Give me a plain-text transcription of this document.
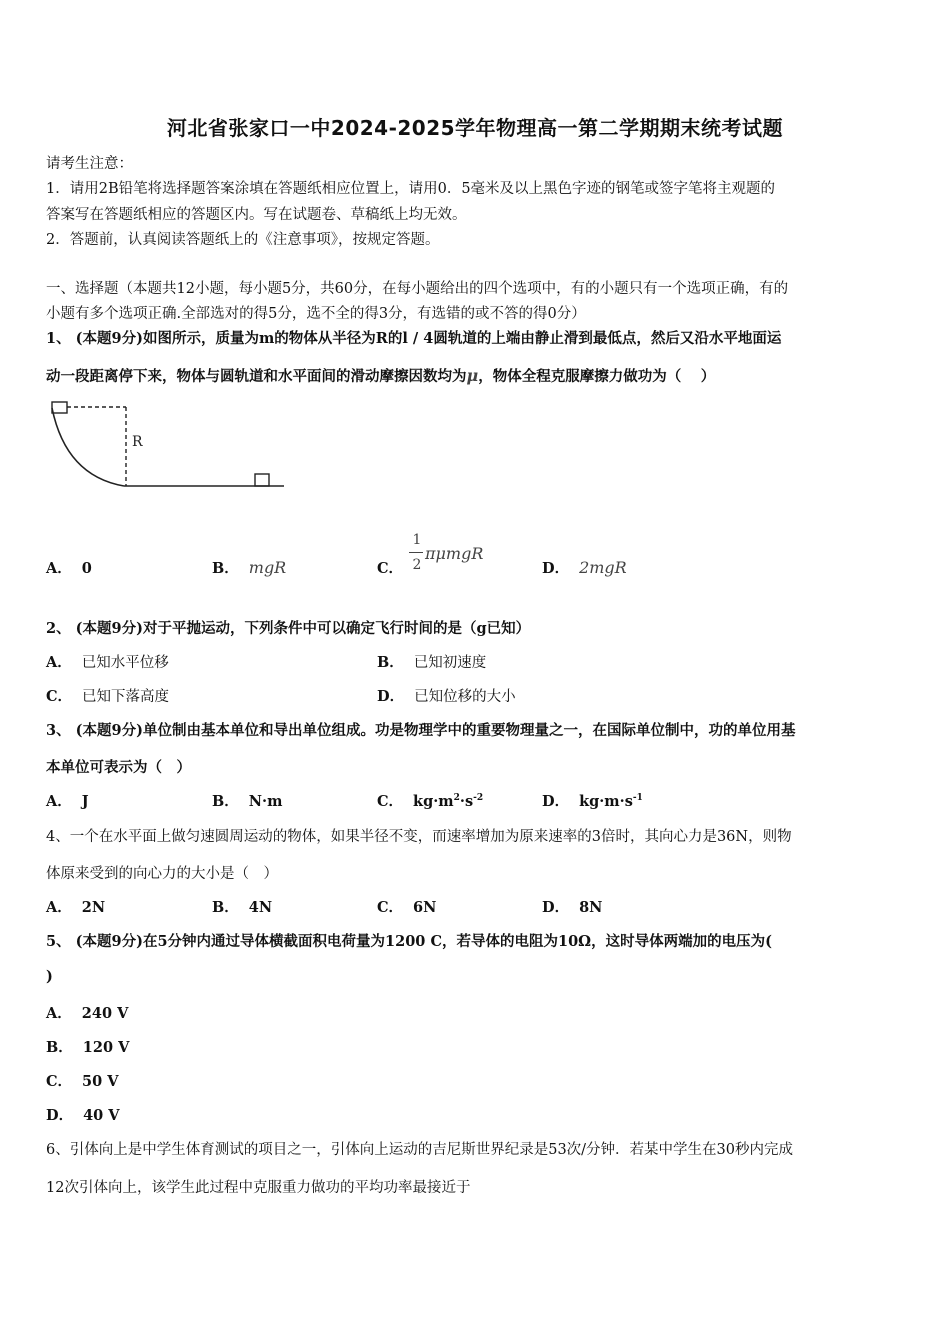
河北省张家口一中2024-2025学年物理高一第二学期期末统考试题
请考生注意：
1．请用2B铅笔将选择题答案涂填在答题纸相应位置上，请用0．5毫米及以上黑色字迹的钢笔或签字笔将主观题的
答案写在答题纸相应的答题区内。写在试题卷、草稿纸上均无效。
2．答题前，认真阅读答题纸上的《注意事项》，按规定答题。
一、选择题（本题共12小题，每小题5分，共60分，在每小题给出的四个选项中，有的小题只有一个选项正确，有的
小题有多个选项正确.全部选对的得5分，选不全的得3分，有选错的或不答的得0分）
1、 (本题9分)如图所示，质量为m的物体从半径为R的l / 4圆轨道的上端由静止滑到最低点，然后又沿水平地面运
动一段距离停下来，物体与圆轨道和水平面间的滑动摩擦因数均为μ，物体全程克服摩擦力做功为（　 ）
R
A． 0	B． mgR	C．
1
2
πμmgR
D． 2mgR
2、 (本题9分)对于平抛运动，下列条件中可以确定飞行时间的是（g已知）
A． 已知水平位移	B． 已知初速度
C． 已知下落高度	D． 已知位移的大小
3、 (本题9分)单位制由基本单位和导出单位组成。功是物理学中的重要物理量之一，在国际单位制中，功的单位用基
本单位可表示为（　）
A． J	B． N·m	C． $kg\cdot m^2\cdot s^{-2}$	D． $kg\cdot m\cdot s^{-1}$
4、一个在水平面上做匀速圆周运动的物体，如果半径不变，而速率增加为原来速率的3倍时，其向心力是36N，则物
体原来受到的向心力的大小是（　）
A． 2N	B． 4N	C． 6N	D． 8N
5、 (本题9分)在5分钟内通过导体横截面积电荷量为1200 C，若导体的电阻为10Ω，这时导体两端加的电压为(
)
A． 240 V
B． 120 V
C． 50 V
D． 40 V
6、引体向上是中学生体育测试的项目之一，引体向上运动的吉尼斯世界纪录是53次/分钟．若某中学生在30秒内完成
12次引体向上，该学生此过程中克服重力做功的平均功率最接近于
